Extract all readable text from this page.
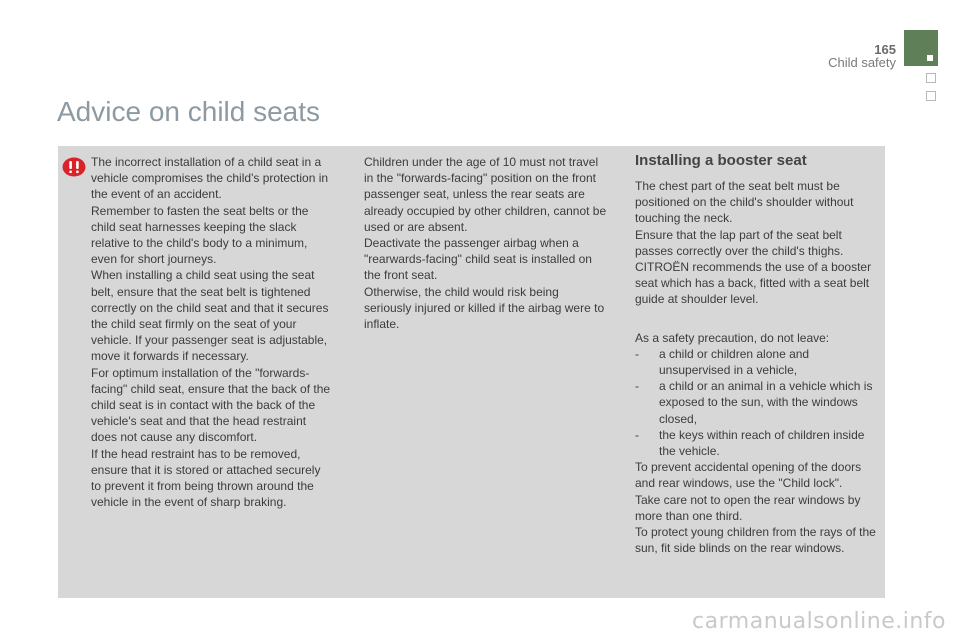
165
Child safety
Advice on child seats

The incorrect installation of a child seat in a vehicle compromises the child's protection in the event of an accident.
Remember to fasten the seat belts or the child seat harnesses keeping the slack relative to the child's body to a minimum, even for short journeys.
When installing a child seat using the seat belt, ensure that the seat belt is tightened correctly on the child seat and that it secures the child seat firmly on the seat of your vehicle. If your passenger seat is adjustable, move it forwards if necessary.
For optimum installation of the "forwards-facing" child seat, ensure that the back of the child seat is in contact with the back of the vehicle's seat and that the head restraint does not cause any discomfort.
If the head restraint has to be removed, ensure that it is stored or attached securely to prevent it from being thrown around the vehicle in the event of sharp braking.

Children under the age of 10 must not travel in the "forwards-facing" position on the front passenger seat, unless the rear seats are already occupied by other children, cannot be used or are absent.
Deactivate the passenger airbag when a "rearwards-facing" child seat is installed on the front seat.
Otherwise, the child would risk being seriously injured or killed if the airbag were to inflate.

Installing a booster seat

The chest part of the seat belt must be positioned on the child's shoulder without touching the neck.
Ensure that the lap part of the seat belt passes correctly over the child's thighs.
CITROËN recommends the use of a booster seat which has a back, fitted with a seat belt guide at shoulder level.

As a safety precaution, do not leave:

- a child or children alone and unsupervised in a vehicle,
- a child or an animal in a vehicle which is exposed to the sun, with the windows closed,
- the keys within reach of children inside the vehicle.

To prevent accidental opening of the doors and rear windows, use the "Child lock".
Take care not to open the rear windows by more than one third.
To protect young children from the rays of the sun, fit side blinds on the rear windows.

carmanualsonline.info
